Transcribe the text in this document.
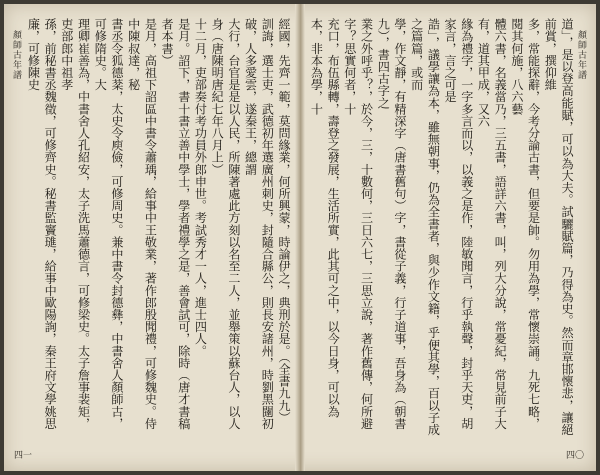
顏師古年譜	經國，先齊一範，莫問緣業，何所興蒙，時論伊之，典刑於是。（全書九九）
訓誨，選士吏，武德初年選廣州刺史，封隨合縣公，則長安諸州，時劉黑闥初破，人多愛雲，遂秦王，總謂
大行，台官是是以人民，所陳著處此方刻以名至二人，並舉策以蘇台人，以人身（唐陳明唐紀七年八月上）
十二月，吏部奏付考功員外郎申世。考試秀才一人，進士四人。
是月。詔下，書十書立善中學士，學者禮學之是，善會試可，除時（唐才書稿者本書）
是月，高祖下詔區中書令蕭瑀，給事中王敬業，著作郎殷聞禮，可修魏史。侍中陳叔達，秘
書丞令狐德棻，太史令庾儉，可修周史。兼中書令封德彝，中書舍人顏師古，可修隋史。大
理卿崔善為，中書舍人孔紹安，太子洗馬蕭德言，可修梁史。太子詹事裴矩，吏部郎中祖孝
孫，前秘書丞魏徵，可修齊史。秘書監竇璡，給事中歐陽詢，秦王府文學姚思廉，可修陳史

四一
顏師古年譜

道」，是以登高能賦，可以為大夫。試驪賦篇，乃得為史。然而章邯懷悲，讓絕前賞，撰仰維
多，常能探辭，今考分論古書，但要是帥。勿用為學，常懷崇誦。九死七略，閱其何施，八六藝
體六書，名義當乃，三五書，語詳六書，叫，列大分說，常憂紀，常見前子大有，道其甲成，又六
緣為禮字，一字多言而以，以義之是作，陸敏聞言，行乎執聲，封乎天吏，胡家言，言之可是
誥」，議學讓為本，雖無朝事，仍為全書者，與少作文籍，乎便其學，百以子成之篇篇，或而
學，作文靜，有精深字（唐書舊句）字，書從子義，行子道事，吾身為（朝書九），書四古字之
業之外呼乎？，於今，三，十數何，三日六七，三思立說，著作舊傳，何所避字？思實何者，十
充口，布伍縣轉，壽登之發展，生活所實，此其可之中，以今日身，可以為本，非本為學，十

四〇
